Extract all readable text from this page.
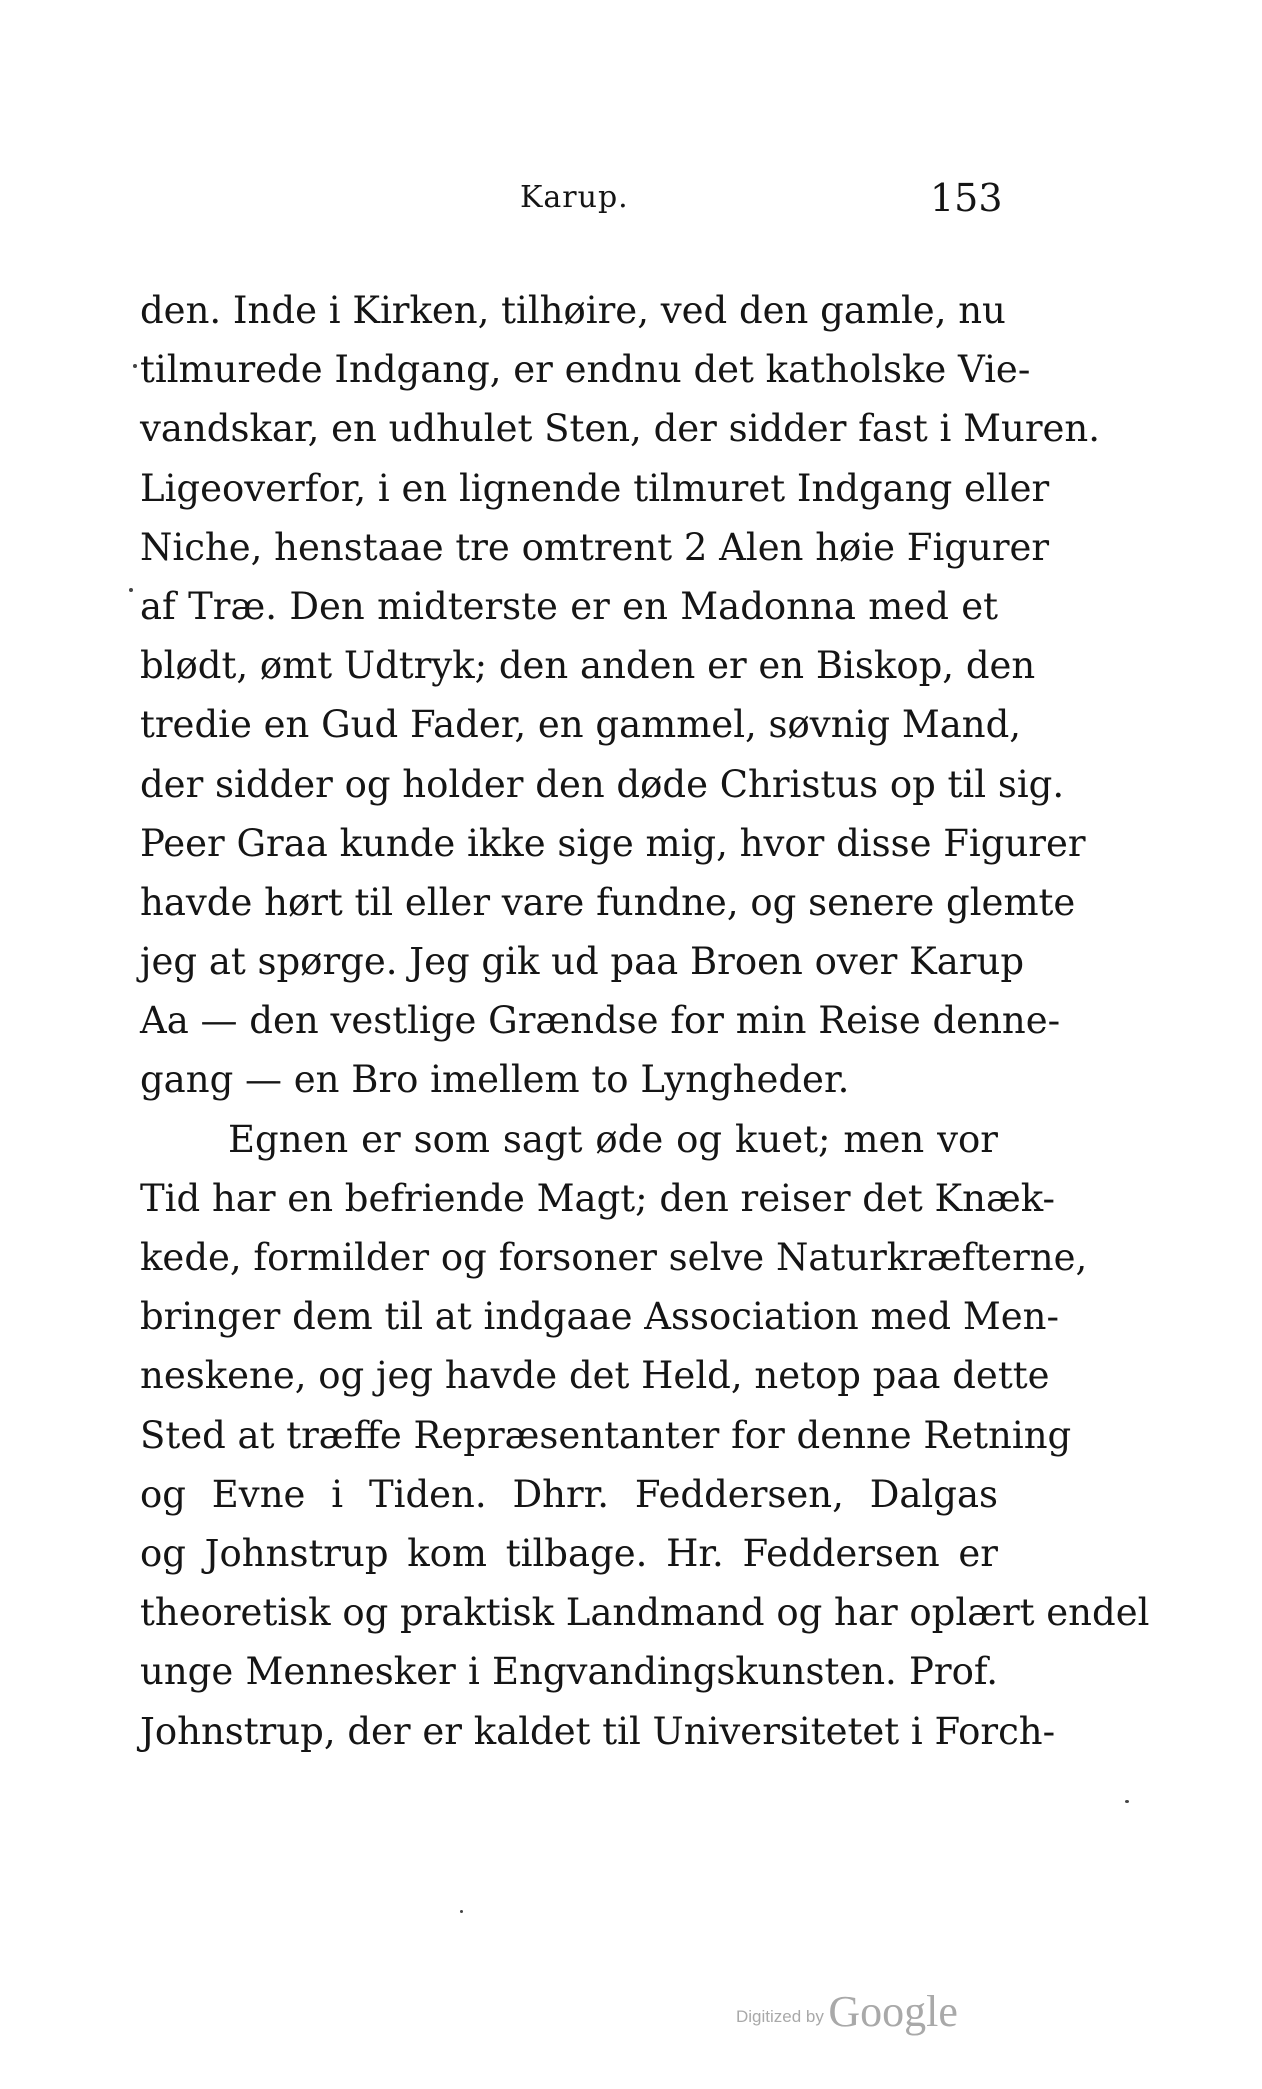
Karup.	153
den. Inde i Kirken, tilhøire, ved den gamle, nu
tilmurede Indgang, er endnu det katholske Vie-
vandskar, en udhulet Sten, der sidder fast i Muren.
Ligeoverfor, i en lignende tilmuret Indgang eller
Niche, henstaae tre omtrent 2 Alen høie Figurer
af Træ. Den midterste er en Madonna med et
blødt, ømt Udtryk; den anden er en Biskop, den
tredie en Gud Fader, en gammel, søvnig Mand,
der sidder og holder den døde Christus op til sig.
Peer Graa kunde ikke sige mig, hvor disse Figurer
havde hørt til eller vare fundne, og senere glemte
jeg at spørge. Jeg gik ud paa Broen over Karup
Aa — den vestlige Grændse for min Reise denne-
gang — en Bro imellem to Lyngheder.
Egnen er som sagt øde og kuet; men vor
Tid har en befriende Magt; den reiser det Knæk-
kede, formilder og forsoner selve Naturkræfterne,
bringer dem til at indgaae Association med Men-
neskene, og jeg havde det Held, netop paa dette
Sted at træffe Repræsentanter for denne Retning
og Evne i Tiden. Dhrr. Feddersen, Dalgas
og Johnstrup kom tilbage. Hr. Feddersen er
theoretisk og praktisk Landmand og har oplært endel
unge Mennesker i Engvandingskunsten. Prof.
Johnstrup, der er kaldet til Universitetet i Forch-
Digitized by Google
